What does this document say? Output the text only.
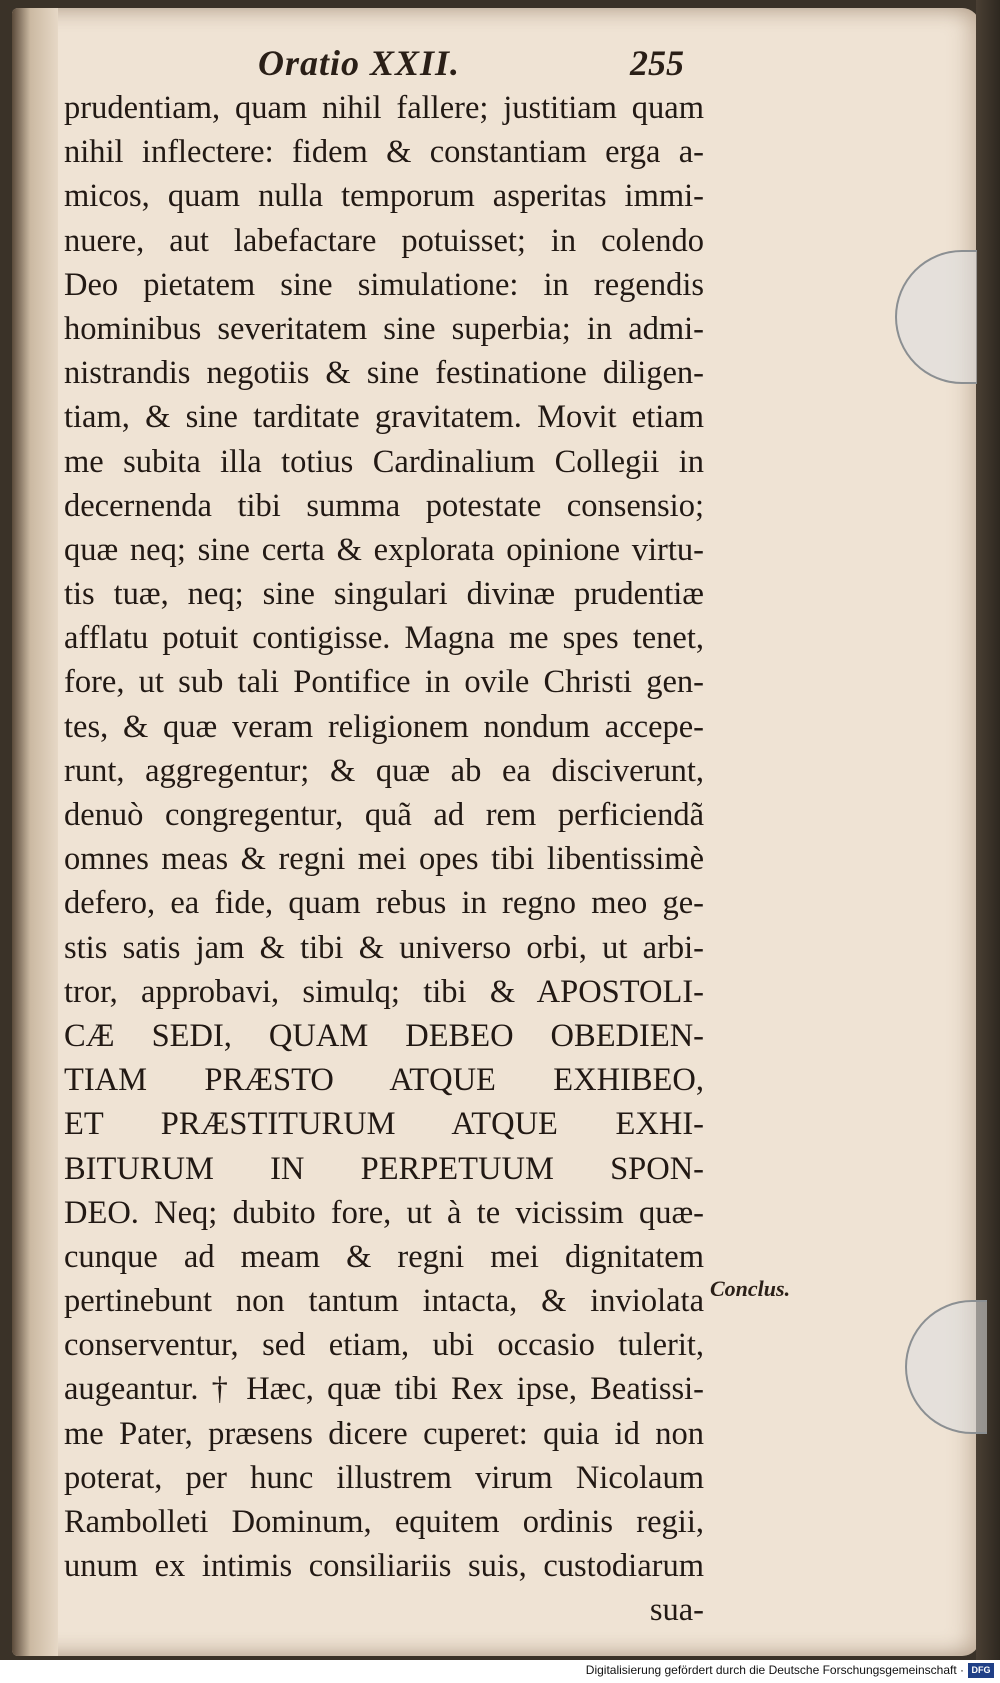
Oratio XXII.	255
prudentiam, quam nihil fallere; justitiam quam
nihil inflectere: fidem & constantiam erga a-
micos, quam nulla temporum asperitas immi-
nuere, aut labefactare potuisset; in colendo
Deo pietatem sine simulatione: in regendis
hominibus severitatem sine superbia; in admi-
nistrandis negotiis & sine festinatione diligen-
tiam, & sine tarditate gravitatem. Movit etiam
me subita illa totius Cardinalium Collegii in
decernenda tibi summa potestate consensio;
quæ neq; sine certa & explorata opinione virtu-
tis tuæ, neq; sine singulari divinæ prudentiæ
afflatu potuit contigisse. Magna me spes tenet,
fore, ut sub tali Pontifice in ovile Christi gen-
tes, & quæ veram religionem nondum accepe-
runt, aggregentur; & quæ ab ea disciverunt,
denuò congregentur, quã ad rem perficiendã
omnes meas & regni mei opes tibi libentissimè
defero, ea fide, quam rebus in regno meo ge-
stis satis jam & tibi & universo orbi, ut arbi-
tror, approbavi, simulq; tibi & APOSTOLI-
CÆ SEDI, QUAM DEBEO OBEDIEN-
TIAM PRÆSTO ATQUE EXHIBEO,
ET PRÆSTITURUM ATQUE EXHI-
BITURUM IN PERPETUUM SPON-
DEO. Neq; dubito fore, ut à te vicissim quæ-
cunque ad meam & regni mei dignitatem
pertinebunt non tantum intacta, & inviolata
conserventur, sed etiam, ubi occasio tulerit,
augeantur. † Hæc, quæ tibi Rex ipse, Beatissi-
me Pater, præsens dicere cuperet: quia id non
poterat, per hunc illustrem virum Nicolaum
Rambolleti Dominum, equitem ordinis regii,
unum ex intimis consiliariis suis, custodiarum
sua-
Conclus.
Digitalisierung gefördert durch die Deutsche Forschungsgemeinschaft · DFG
